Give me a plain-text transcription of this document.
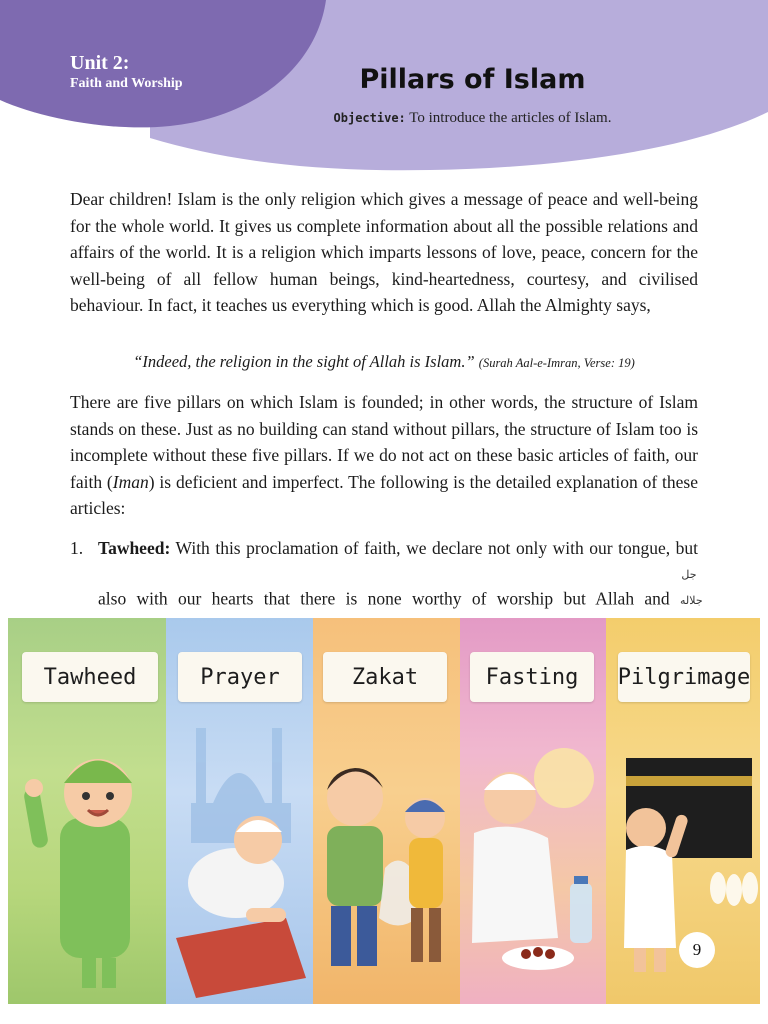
Unit 2:
Faith and Worship	Pillars of Islam
Objective: To introduce the articles of Islam.

Dear children! Islam is the only religion which gives a message of peace and well-being for the whole world. It gives us complete information about all the possible relations and affairs of the world. It is a religion which imparts lessons of love, peace, concern for the well-being of all fellow human beings, kind-heartedness, courtesy, and civilised behaviour. In fact, it teaches us everything which is good. Allah the Almighty says,

“Indeed, the religion in the sight of Allah is Islam.” (Surah Aal-e-Imran, Verse: 19)

There are five pillars on which Islam is founded; in other words, the structure of Islam stands on these. Just as no building can stand without pillars, the structure of Islam too is incomplete without these five pillars. If we do not act on these basic articles of faith, our faith (Iman) is deficient and imperfect. The following is the detailed explanation of these articles:

1. Tawheed: With this proclamation of faith, we declare not only with our tongue, but also with our hearts that there is none worthy of worship but Allah and جل جلاله
Tawheed	Prayer	Zakat	Fasting	Pilgrimage
9
